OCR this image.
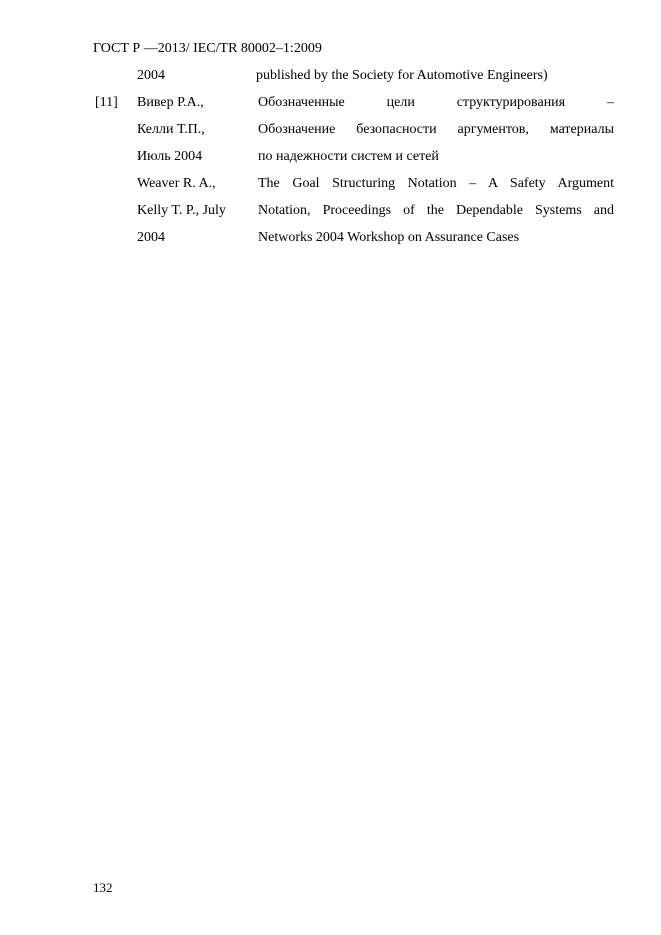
ГОСТ Р —2013/ IEC/TR 80002–1:2009
2004	published by the Society for Automotive Engineers)
[11] Вивер Р.А.,
Келли Т.П.,
Июль 2004
Weaver R. A.,
Kelly T. P., July
2004
Обозначенные цели структурирования –
Обозначение безопасности аргументов, материалы
по надежности систем и сетей
The Goal Structuring Notation – A Safety Argument
Notation, Proceedings of the Dependable Systems and
Networks 2004 Workshop on Assurance Cases
132
